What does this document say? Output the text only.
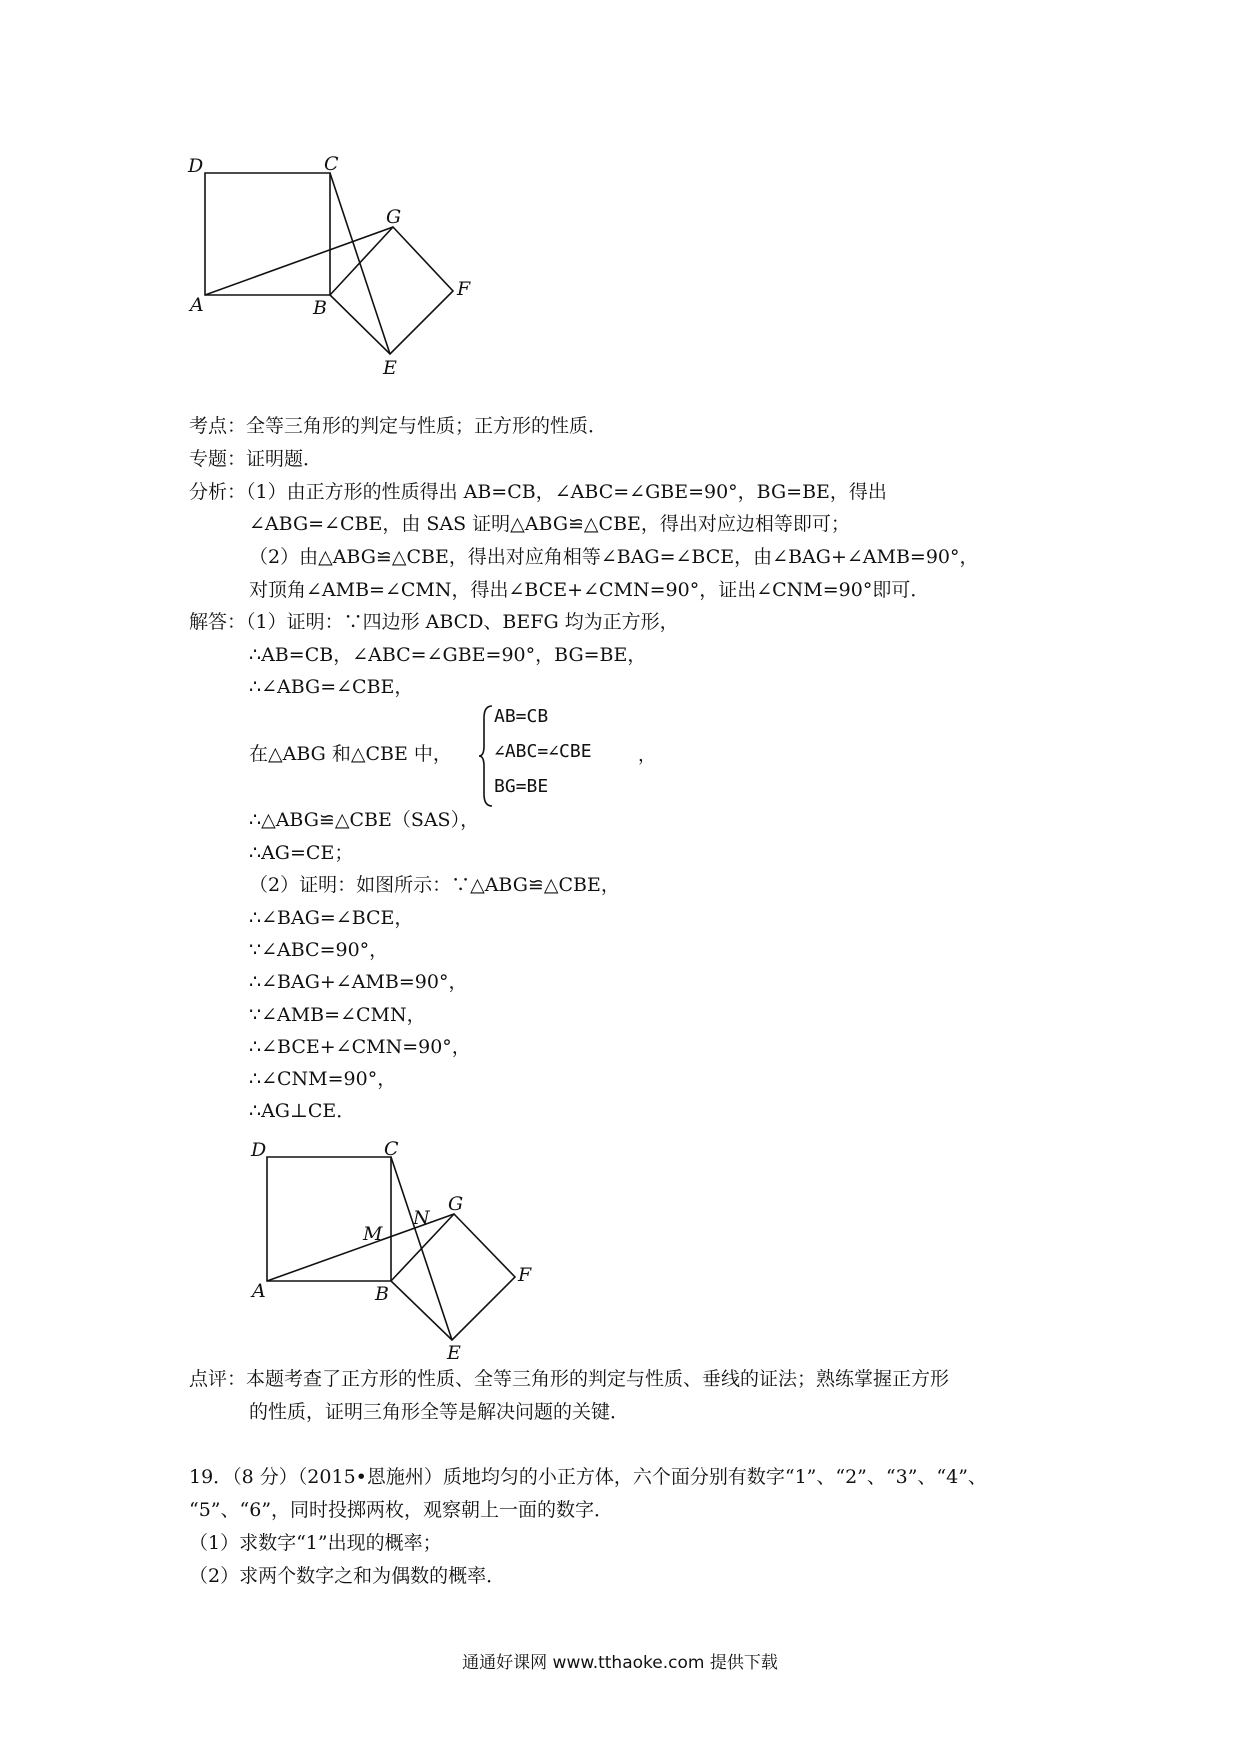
D	C
G
F
A	B
E
考点：全等三角形的判定与性质；正方形的性质．
专题：证明题．
分析：（1）由正方形的性质得出 AB=CB，∠ABC=∠GBE=90°，BG=BE，得出
∠ABG=∠CBE，由 SAS 证明△ABG≌△CBE，得出对应边相等即可；
（2）由△ABG≌△CBE，得出对应角相等∠BAG=∠BCE，由∠BAG+∠AMB=90°，
对顶角∠AMB=∠CMN，得出∠BCE+∠CMN=90°，证出∠CNM=90°即可．
解答：（1）证明：∵四边形 ABCD、BEFG 均为正方形，
∴AB=CB，∠ABC=∠GBE=90°，BG=BE，
∴∠ABG=∠CBE，
在△ABG 和△CBE 中，
AB=CB
∠ABC=∠CBE
BG=BE
，
∴△ABG≌△CBE（SAS），
∴AG=CE；
（2）证明：如图所示：∵△ABG≌△CBE，
∴∠BAG=∠BCE，
∵∠ABC=90°，
∴∠BAG+∠AMB=90°，
∵∠AMB=∠CMN，
∴∠BCE+∠CMN=90°，
∴∠CNM=90°，
∴AG⊥CE．
D	C
M
N
G
F
A	B
E
点评：本题考查了正方形的性质、全等三角形的判定与性质、垂线的证法；熟练掌握正方形
的性质，证明三角形全等是解决问题的关键．
19．（8 分）（2015•恩施州）质地均匀的小正方体，六个面分别有数字“1”、“2”、“3”、“4”、
“5”、“6”，同时投掷两枚，观察朝上一面的数字．
（1）求数字“1”出现的概率；
（2）求两个数字之和为偶数的概率．
通通好课网 www.tthaoke.com 提供下载
